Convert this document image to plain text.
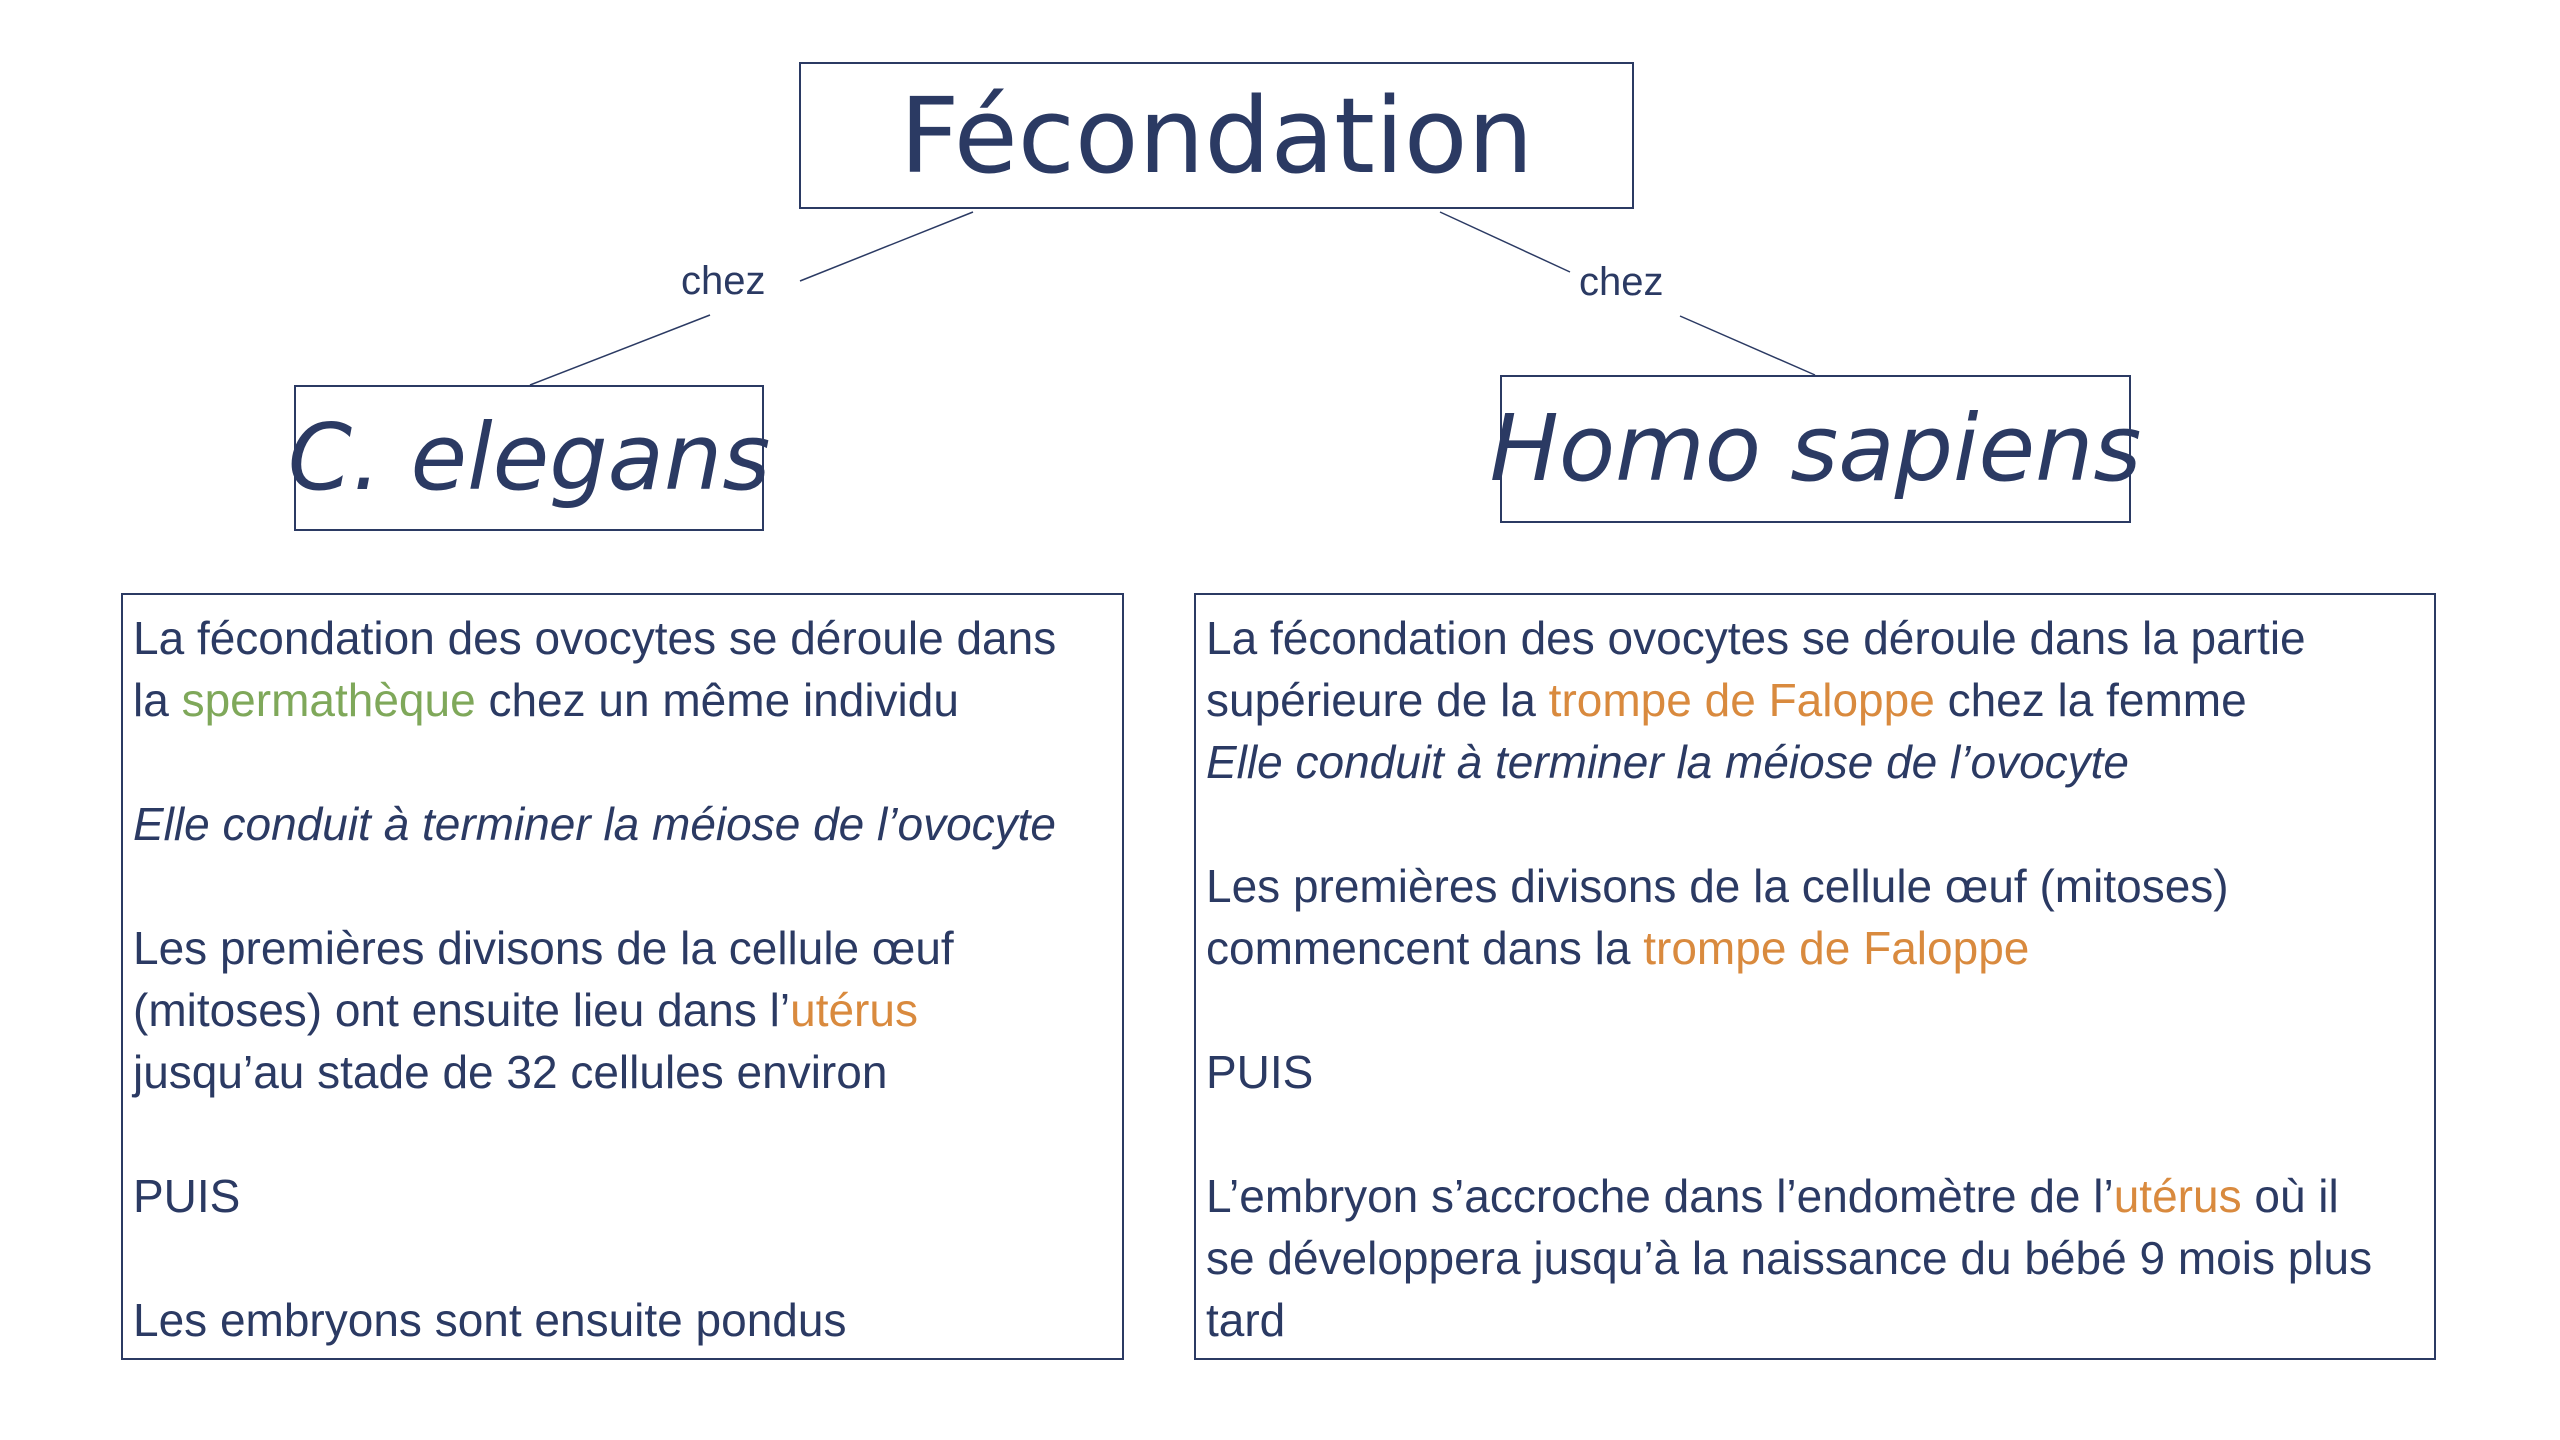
Fécondation
chez	chez
C. elegans	Homo sapiens

La fécondation des ovocytes se déroule dans

la spermathèque chez un même individu

Elle conduit à terminer la méiose de l’ovocyte

Les premières divisons de la cellule œuf

(mitoses) ont ensuite lieu dans l’utérus

jusqu’au stade de 32 cellules environ

PUIS

Les embryons sont ensuite pondus

La fécondation des ovocytes se déroule dans la partie

supérieure de la trompe de Faloppe chez la femme

Elle conduit à terminer la méiose de l’ovocyte

Les premières divisons de la cellule œuf (mitoses)

commencent dans la trompe de Faloppe

PUIS

L’embryon s’accroche dans l’endomètre de l’utérus où il

se développera jusqu’à la naissance du bébé 9 mois plus

tard
